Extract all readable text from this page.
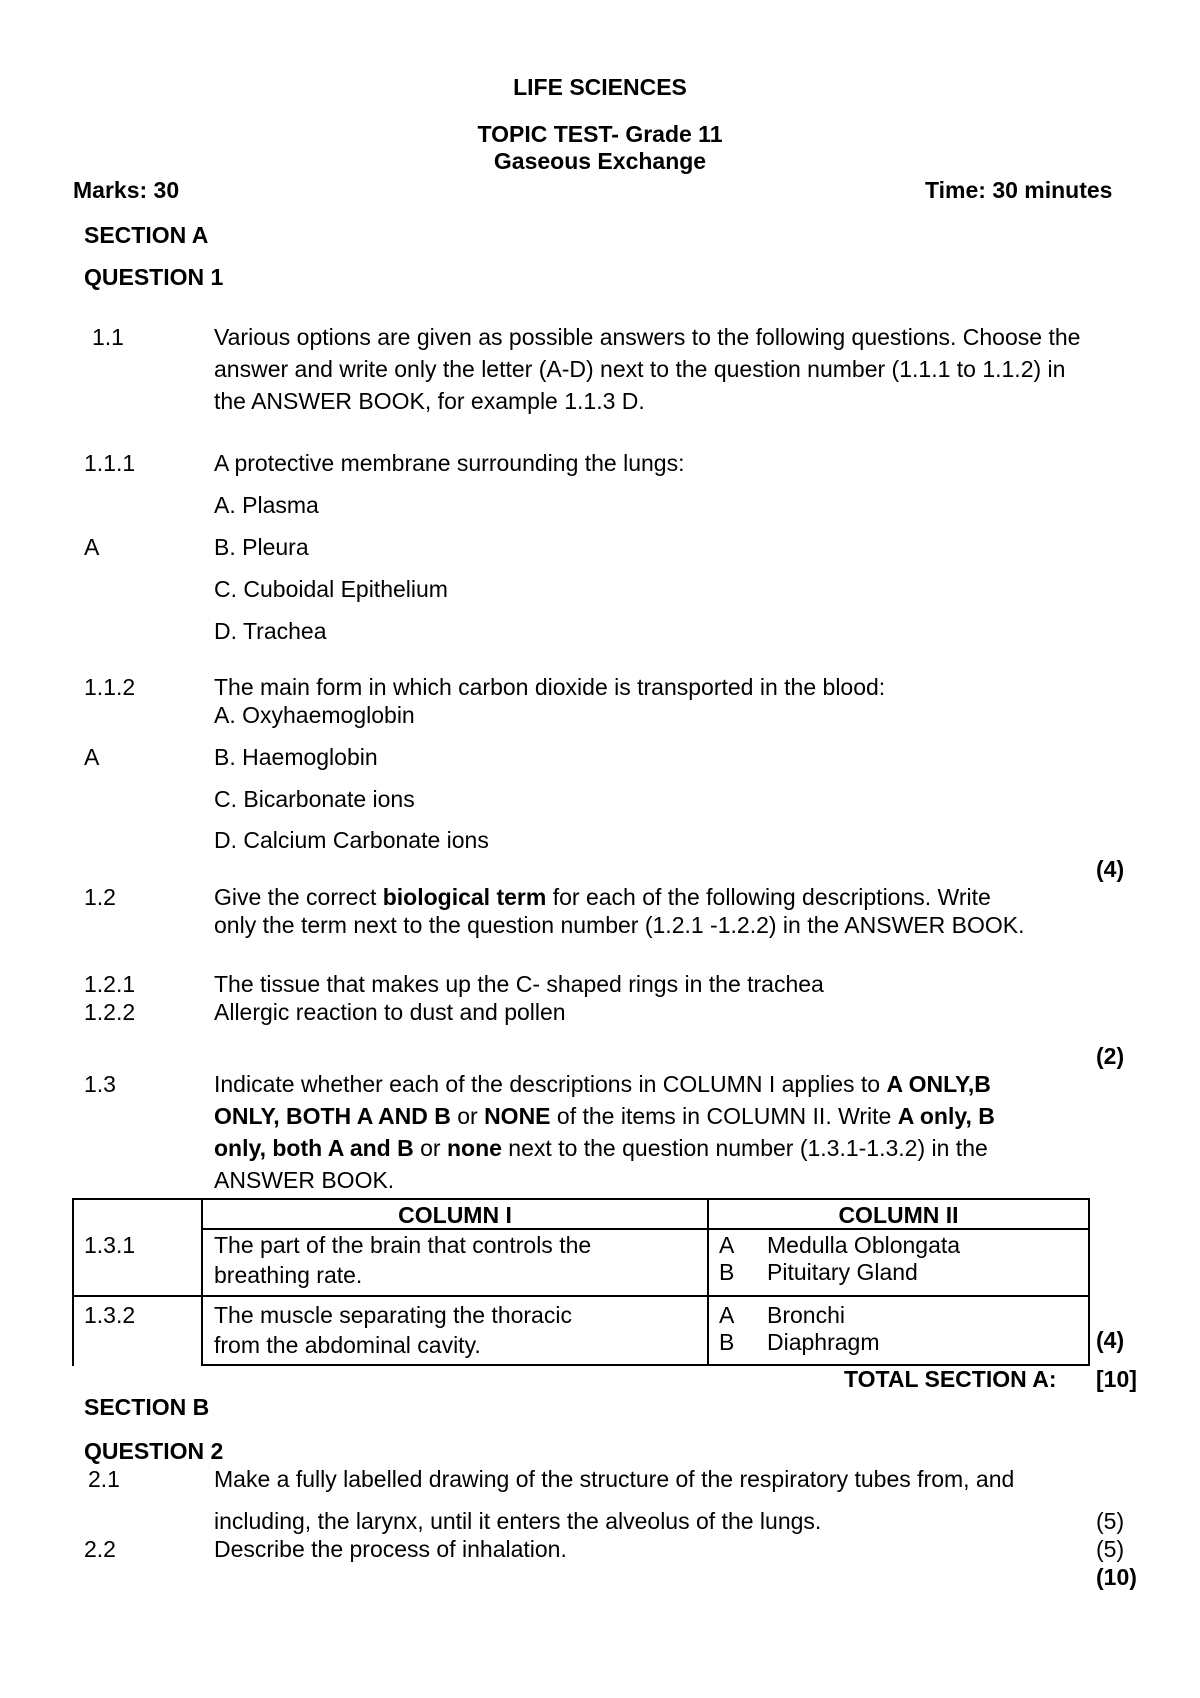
LIFE SCIENCES
TOPIC TEST- Grade 11
Gaseous Exchange
Marks: 30	Time: 30 minutes
SECTION A
QUESTION 1
1.1	Various options are given as possible answers to the following questions. Choose the
answer and write only the letter (A-D) next to the question number (1.1.1 to 1.1.2) in
the ANSWER BOOK, for example 1.1.3 D.
1.1.1	A protective membrane surrounding the lungs:
A. Plasma
A	B. Pleura
C. Cuboidal Epithelium
D. Trachea
1.1.2	The main form in which carbon dioxide is transported in the blood:
A. Oxyhaemoglobin
A	B. Haemoglobin
C. Bicarbonate ions
D. Calcium Carbonate ions
(4)
1.2	Give the correct biological term for each of the following descriptions. Write
only the term next to the question number (1.2.1 -1.2.2) in the ANSWER BOOK.
1.2.1	The tissue that makes up the C- shaped rings in the trachea
1.2.2	Allergic reaction to dust and pollen
(2)
1.3	Indicate whether each of the descriptions in COLUMN I applies to A ONLY,B
ONLY, BOTH A AND B or NONE of the items in COLUMN II. Write A only, B
only, both A and B or none next to the question number (1.3.1-1.3.2) in the
ANSWER BOOK.
COLUMN I	COLUMN II
1.3.1	The part of the brain that controls the
breathing rate.
A Medulla Oblongata
B Pituitary Gland
1.3.2	The muscle separating the thoracic
from the abdominal cavity.
A Bronchi
B Diaphragm	(4)
TOTAL SECTION A: [10]
SECTION B
QUESTION 2
2.1	Make a fully labelled drawing of the structure of the respiratory tubes from, and
including, the larynx, until it enters the alveolus of the lungs.	(5)
2.2	Describe the process of inhalation.	(5)
(10)
